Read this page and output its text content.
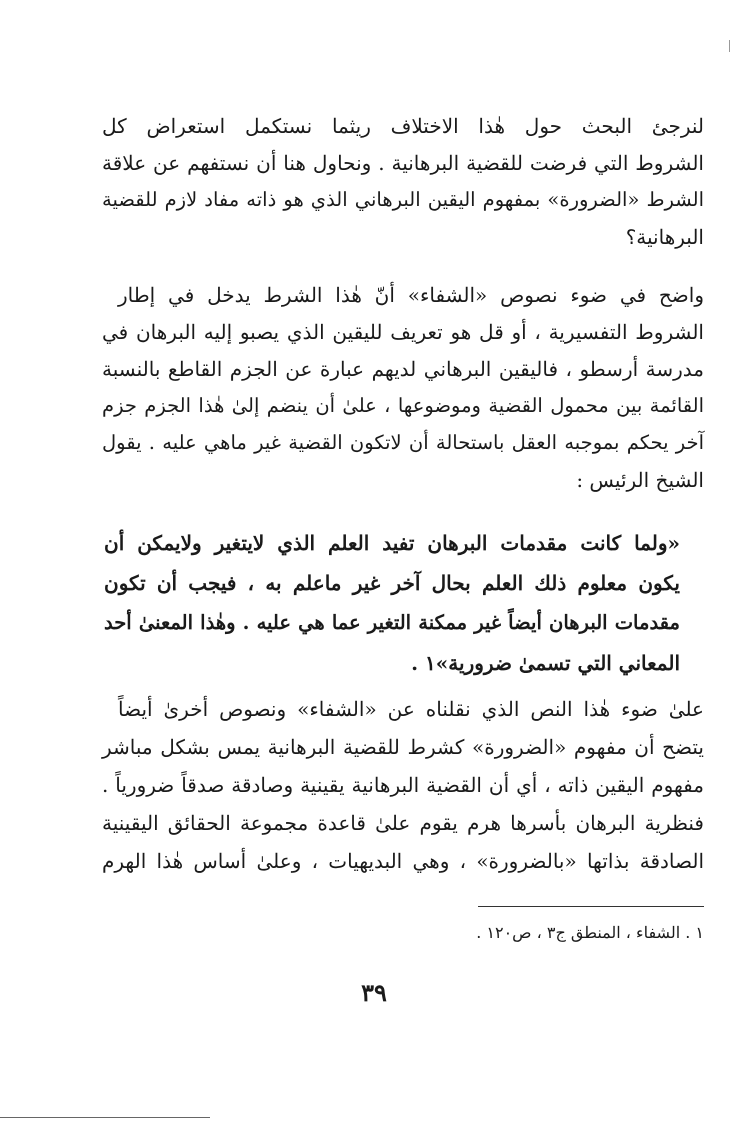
لنرجئ البحث حول هٰذا الاختلاف ريثما نستكمل استعراض كل
الشروط التي فرضت للقضية البرهانية . ونحاول هنا أن نستفهم عن علاقة
الشرط «الضرورة» بمفهوم اليقين البرهاني الذي هو ذاته مفاد لازم للقضية
البرهانية؟
واضح في ضوء نصوص «الشفاء» أنّ هٰذا الشرط يدخل في إطار
الشروط التفسيرية ، أو قل هو تعريف لليقين الذي يصبو إليه البرهان في
مدرسة أرسطو ، فاليقين البرهاني لديهم عبارة عن الجزم القاطع بالنسبة
القائمة بين محمول القضية وموضوعها ، علىٰ أن ينضم إلىٰ هٰذا الجزم جزم
آخر يحكم بموجبه العقل باستحالة أن لاتكون القضية غير ماهي عليه . يقول
الشيخ الرئيس :
«ولما كانت مقدمات البرهان تفيد العلم الذي لايتغير ولايمكن أن
يكون معلوم ذلك العلم بحال آخر غير ماعلم به ، فيجب أن تكون
مقدمات البرهان أيضاً غير ممكنة التغير عما هي عليه . وهٰذا المعنىٰ أحد
المعاني التي تسمىٰ ضرورية»١ .
علىٰ ضوء هٰذا النص الذي نقلناه عن «الشفاء» ونصوص أخرىٰ أيضاً
يتضح أن مفهوم «الضرورة» كشرط للقضية البرهانية يمس بشكل مباشر
مفهوم اليقين ذاته ، أي أن القضية البرهانية يقينية وصادقة صدقاً ضرورياً .
فنظرية البرهان بأسرها هرم يقوم علىٰ قاعدة مجموعة الحقائق اليقينية
الصادقة بذاتها «بالضرورة» ، وهي البديهيات ، وعلىٰ أساس هٰذا الهرم
١ . الشفاء ، المنطق ج٣ ، ص١٢٠ .
٣٩
